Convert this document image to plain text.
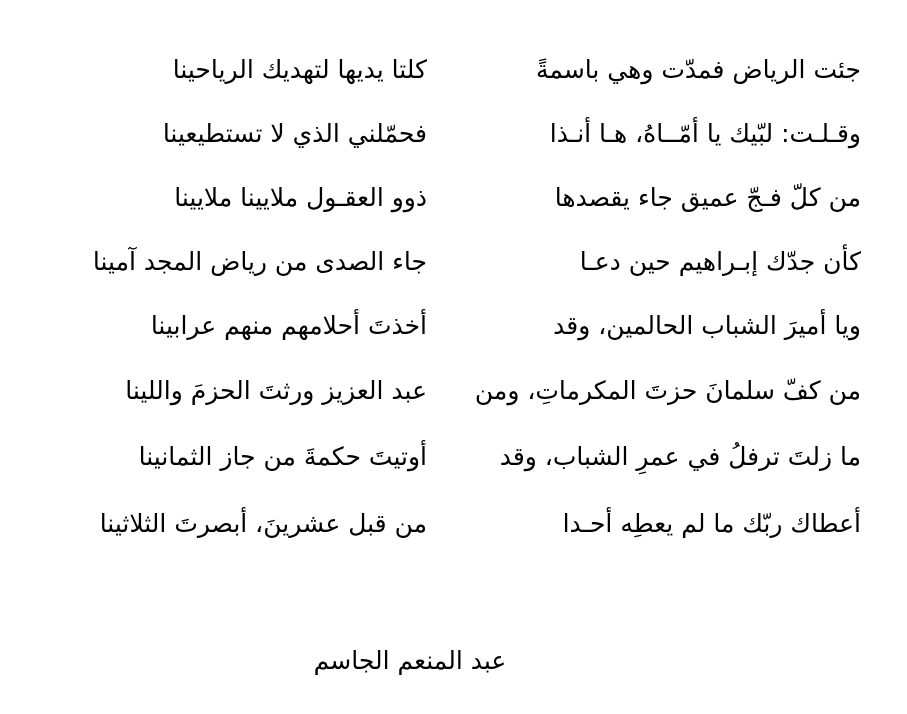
جئت الرياض فمدّت وهي باسمةً
كلتا يديها لتهديك الرياحينا
وقـلـت: لبّيك يا أمّــاهُ، هـا أنـذا
فحمّلني الذي لا تستطيعينا
من كلّ فـجّ عميق جاء يقصدها
ذوو العقـول ملايينا ملايينا
كأن جدّك إبـراهيم حين دعـا
جاء الصدى من رياض المجد آمينا
ويا أميرَ الشباب الحالمين، وقد
أخذتَ أحلامهم منهم عرابينا
من كفّ سلمانَ حزتَ المكرماتِ، ومن
عبد العزيز ورثتَ الحزمَ واللينا
ما زلتَ ترفلُ في عمرِ الشباب، وقد
أوتيتَ حكمةَ من جاز الثمانينا
أعطاك ربّك ما لم يعطِه أحـدا
من قبل عشرينَ، أبصرتَ الثلاثينا
عبد المنعم الجاسم
